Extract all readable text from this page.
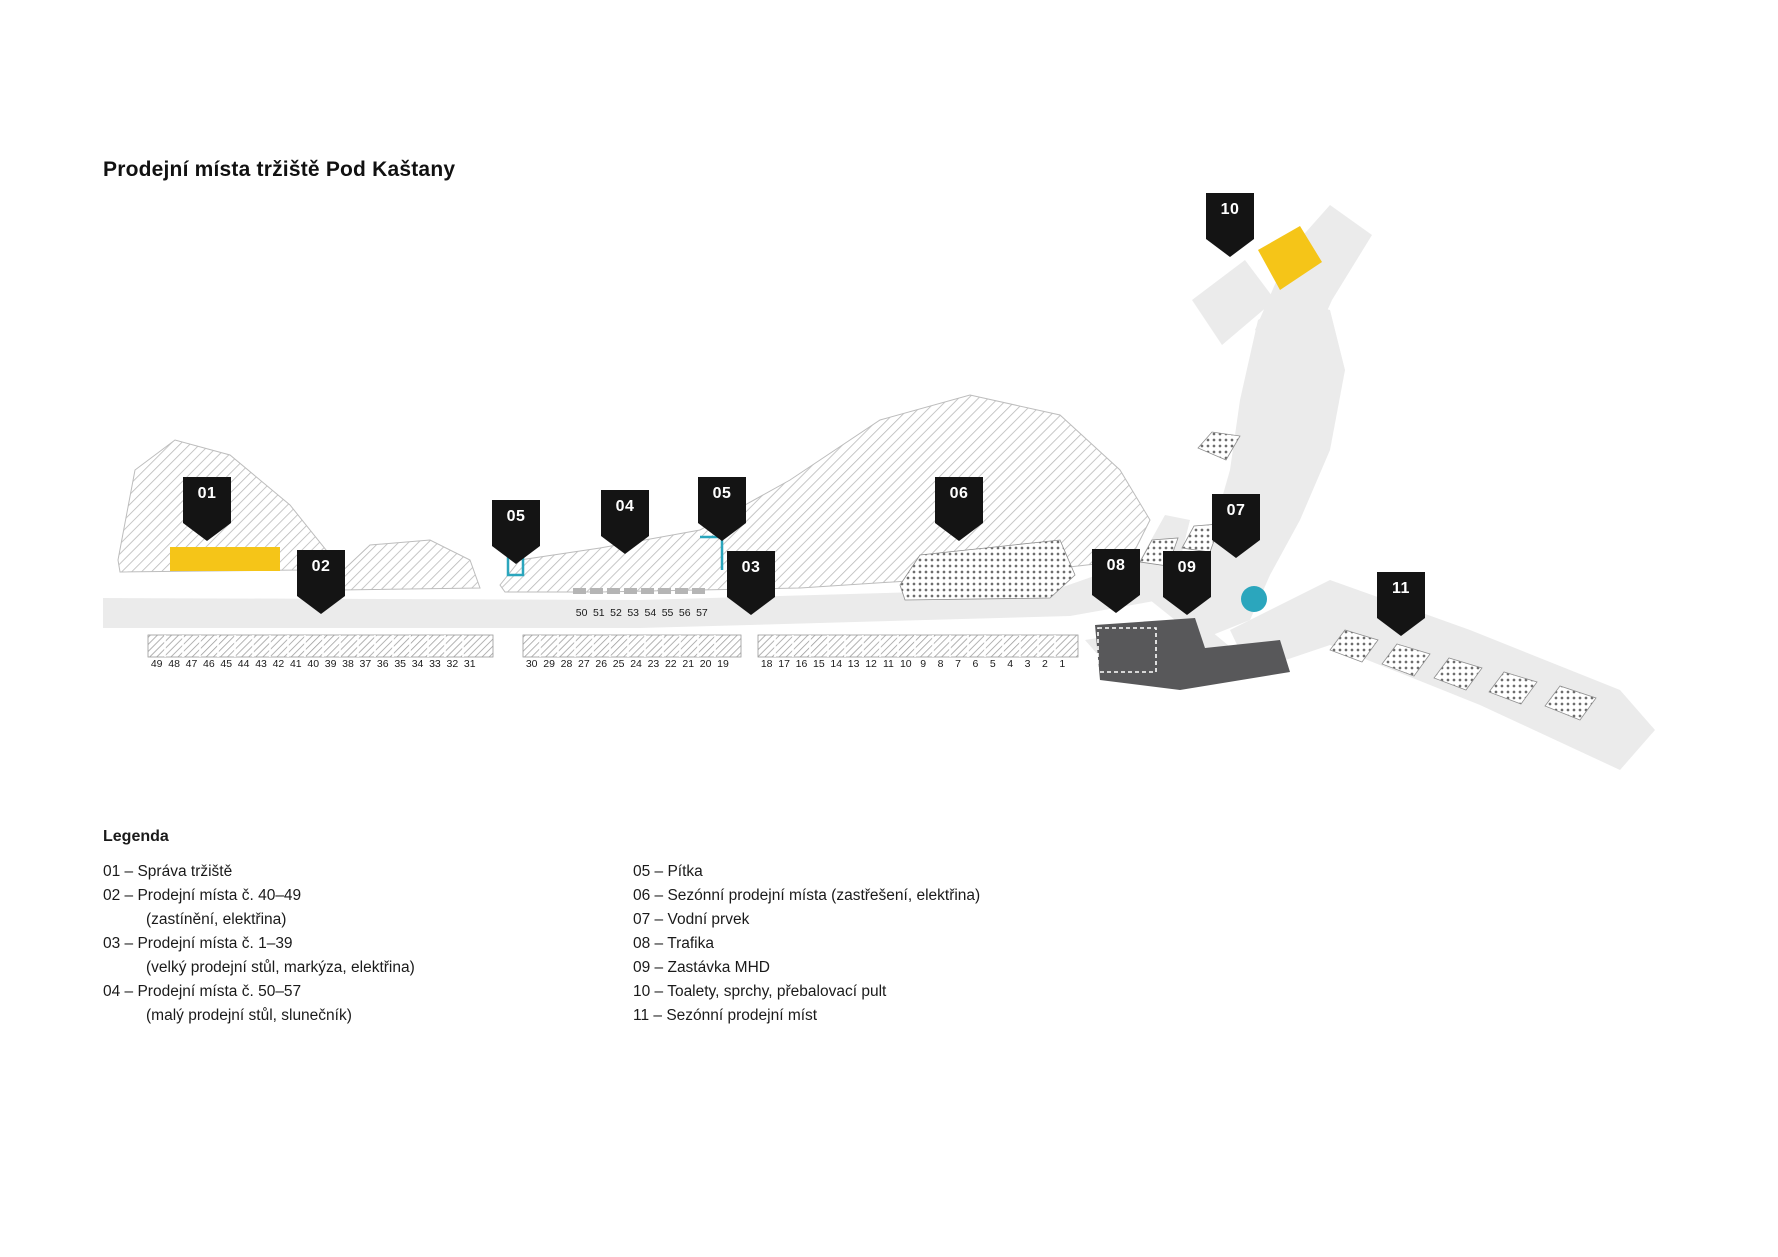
Prodejní místa tržiště Pod Kaštany
01
02
05
04
05
03
06
07
08	09
10
11
49 48 47 46 45 44 43 42 41 40 39 38 37 36 35 34 33 32 31
50 51 52 53 54 55 56 57
30 29 28 27 26 25 24 23 22 21 20 19	18 17 16 15 14 13 12 11 10 9 8 7 6 5 4 3 2 1
Legenda
01 – Správa tržiště
02 – Prodejní místa č. 40–49
(zastínění, elektřina)
03 – Prodejní místa č. 1–39
(velký prodejní stůl, markýza, elektřina)
04 – Prodejní místa č. 50–57
(malý prodejní stůl, slunečník)
05 – Pítka
06 – Sezónní prodejní místa (zastřešení, elektřina)
07 – Vodní prvek
08 – Trafika
09 – Zastávka MHD
10 – Toalety, sprchy, přebalovací pult
11 – Sezónní prodejní míst
